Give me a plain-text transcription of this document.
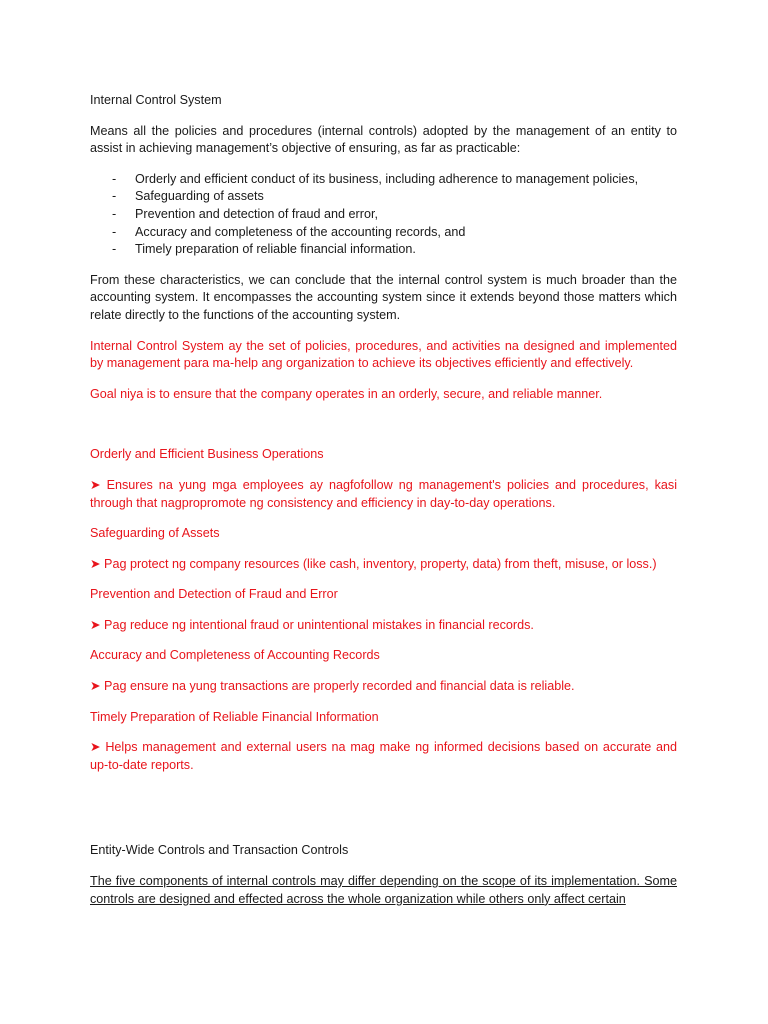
Internal Control System

Means all the policies and procedures (internal controls) adopted by the management of an entity to assist in achieving management’s objective of ensuring, as far as practicable:

- Orderly and efficient conduct of its business, including adherence to management policies,
- Safeguarding of assets
- Prevention and detection of fraud and error,
- Accuracy and completeness of the accounting records, and
- Timely preparation of reliable financial information.

From these characteristics, we can conclude that the internal control system is much broader than the accounting system. It encompasses the accounting system since it extends beyond those matters which relate directly to the functions of the accounting system.

Internal Control System ay the set of policies, procedures, and activities na designed and implemented by management para ma-help ang organization to achieve its objectives efficiently and effectively.

Goal niya is to ensure that the company operates in an orderly, secure, and reliable manner.

Orderly and Efficient Business Operations

➤ Ensures na yung mga employees ay nagfofollow ng management's policies and procedures, kasi through that nagpropromote ng consistency and efficiency in day-to-day operations.

Safeguarding of Assets

➤ Pag protect ng company resources (like cash, inventory, property, data) from theft, misuse, or loss.)

Prevention and Detection of Fraud and Error

➤ Pag reduce ng intentional fraud or unintentional mistakes in financial records.

Accuracy and Completeness of Accounting Records

➤ Pag ensure na yung transactions are properly recorded and financial data is reliable.

Timely Preparation of Reliable Financial Information

➤ Helps management and external users na mag make ng informed decisions based on accurate and up-to-date reports.

Entity-Wide Controls and Transaction Controls

The five components of internal controls may differ depending on the scope of its implementation. Some controls are designed and effected across the whole organization while others only affect certain
